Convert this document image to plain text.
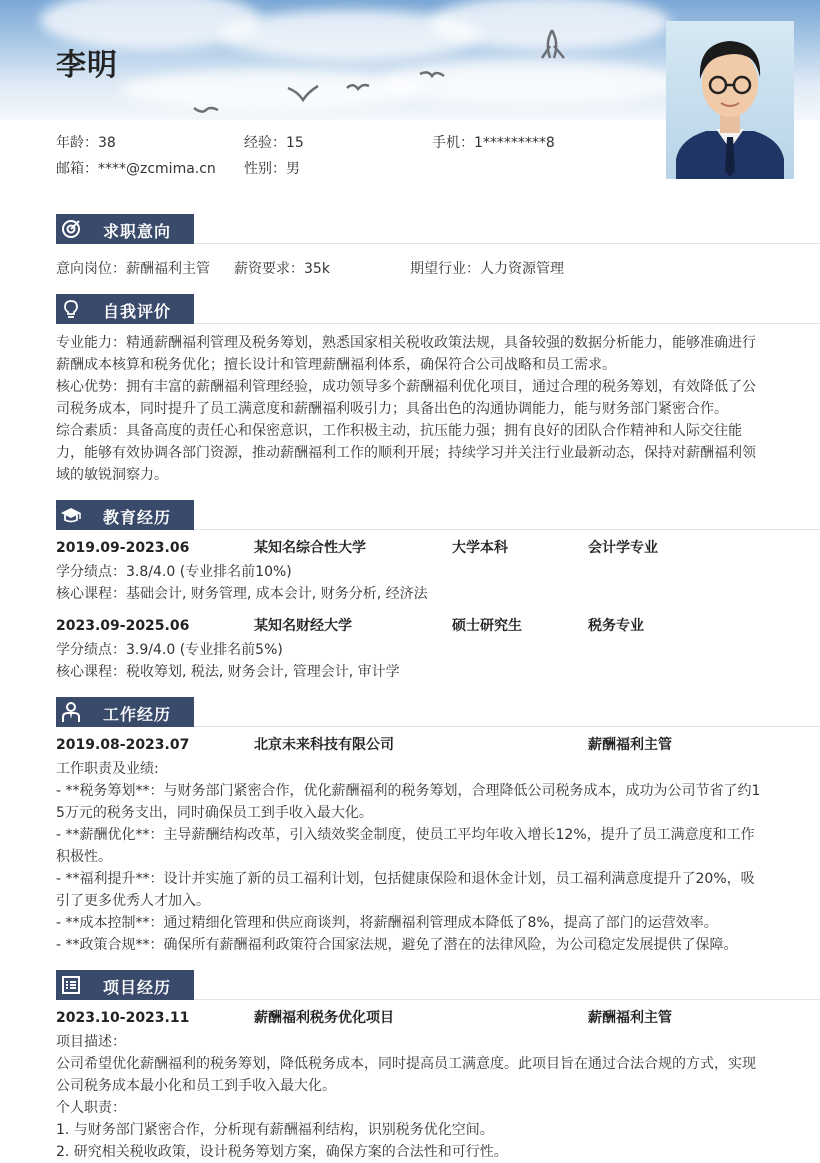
李明
年龄：38	经验：15	手机：1*********8
邮箱：****@zcmima.cn 性别：男
求职意向
意向岗位：薪酬福利主管 薪资要求：35k	期望行业：人力资源管理
自我评价
专业能力：精通薪酬福利管理及税务筹划，熟悉国家相关税收政策法规，具备较强的数据分析能力，能够准确进行
薪酬成本核算和税务优化；擅长设计和管理薪酬福利体系，确保符合公司战略和员工需求。
核心优势：拥有丰富的薪酬福利管理经验，成功领导多个薪酬福利优化项目，通过合理的税务筹划，有效降低了公
司税务成本，同时提升了员工满意度和薪酬福利吸引力；具备出色的沟通协调能力，能与财务部门紧密合作。
综合素质：具备高度的责任心和保密意识，工作积极主动，抗压能力强；拥有良好的团队合作精神和人际交往能
力，能够有效协调各部门资源，推动薪酬福利工作的顺利开展；持续学习并关注行业最新动态，保持对薪酬福利领
域的敏锐洞察力。
教育经历
2019.09-2023.06	某知名综合性大学	大学本科	会计学专业
学分绩点：3.8/4.0 (专业排名前10%)
核心课程：基础会计, 财务管理, 成本会计, 财务分析, 经济法
2023.09-2025.06	某知名财经大学	硕士研究生	税务专业
学分绩点：3.9/4.0 (专业排名前5%)
核心课程：税收筹划, 税法, 财务会计, 管理会计, 审计学
工作经历
2019.08-2023.07	北京未来科技有限公司	薪酬福利主管
工作职责及业绩:
- **税务筹划**：与财务部门紧密合作，优化薪酬福利的税务筹划，合理降低公司税务成本，成功为公司节省了约1
5万元的税务支出，同时确保员工到手收入最大化。
- **薪酬优化**：主导薪酬结构改革，引入绩效奖金制度，使员工平均年收入增长12%，提升了员工满意度和工作
积极性。
- **福利提升**：设计并实施了新的员工福利计划，包括健康保险和退休金计划，员工福利满意度提升了20%，吸
引了更多优秀人才加入。
- **成本控制**：通过精细化管理和供应商谈判，将薪酬福利管理成本降低了8%，提高了部门的运营效率。
- **政策合规**：确保所有薪酬福利政策符合国家法规，避免了潜在的法律风险，为公司稳定发展提供了保障。
项目经历
2023.10-2023.11	薪酬福利税务优化项目	薪酬福利主管
项目描述：
公司希望优化薪酬福利的税务筹划，降低税务成本，同时提高员工满意度。此项目旨在通过合法合规的方式，实现
公司税务成本最小化和员工到手收入最大化。
个人职责：
1. 与财务部门紧密合作，分析现有薪酬福利结构，识别税务优化空间。
2. 研究相关税收政策，设计税务筹划方案，确保方案的合法性和可行性。
